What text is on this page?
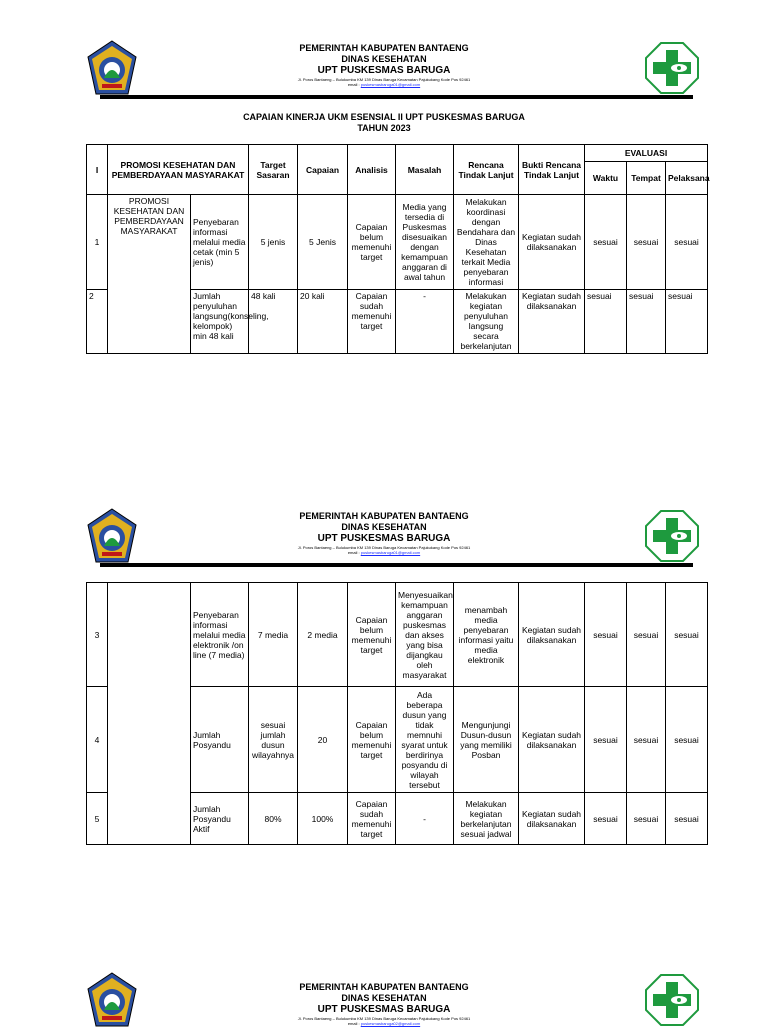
PEMERINTAH KABUPATEN BANTAENG
DINAS KESEHATAN
UPT PUSKESMAS BARUGA
Jl. Poros Bantaeng – Bulukumba KM 139 Dinas Baruga Kecamatan Pajukukang Kode Pos 92461
email : puskesmasbaruga01@gmail.com
CAPAIAN KINERJA UKM ESENSIAL II UPT PUSKESMAS BARUGA
TAHUN 2023
I	PROMOSI KESEHATAN DAN PEMBERDAYAAN MASYARAKAT		Target Sasaran	Capaian	Analisis	Masalah	Rencana Tindak Lanjut	Bukti Rencana Tindak Lanjut	EVALUASI		
									Waktu	Tempat	Pelaksana
1	PROMOSI KESEHATAN DAN PEMBERDAYAAN MASYARAKAT	Penyebaran informasi melalui media cetak (min 5 jenis)	5 jenis	5 Jenis	Capaian belum memenuhi target	Media yang tersedia di Puskesmas disesuaikan dengan kemampuan anggaran di awal tahun	Melakukan koordinasi dengan Bendahara dan Dinas Kesehatan terkait Media penyebaran informasi	Kegiatan sudah dilaksanakan	sesuai	sesuai	sesuai
2		Jumlah penyuluhan langsung(konseling, kelompok) min 48 kali	48 kali	20 kali	Capaian sudah memenuhi target	-	Melakukan kegiatan penyuluhan langsung secara berkelanjutan	Kegiatan sudah dilaksanakan	sesuai	sesuai	sesuai
PEMERINTAH KABUPATEN BANTAENG
DINAS KESEHATAN
UPT PUSKESMAS BARUGA
Jl. Poros Bantaeng – Bulukumba KM 139 Dinas Baruga Kecamatan Pajukukang Kode Pos 92461
email : puskesmasbaruga01@gmail.com
3		Penyebaran informasi melalui media elektronik /on line (7 media)	7 media	2 media	Capaian belum memenuhi target	Menyesuaikan kemampuan anggaran puskesmas dan akses yang bisa dijangkau oleh masyarakat	menambah media penyebaran informasi yaitu media elektronik	Kegiatan sudah dilaksanakan	sesuai	sesuai	sesuai
4		Jumlah Posyandu	sesuai jumlah dusun wilayahnya	20	Capaian belum memenuhi target	Ada beberapa dusun yang tidak memnuhi syarat untuk berdirinya posyandu di wilayah tersebut	Mengunjungi Dusun-dusun yang memiliki Posban	Kegiatan sudah dilaksanakan	sesuai	sesuai	sesuai
5		Jumlah Posyandu Aktif	80%	100%	Capaian sudah memenuhi target	-	Melakukan kegiatan berkelanjutan sesuai jadwal	Kegiatan sudah dilaksanakan	sesuai	sesuai	sesuai
PEMERINTAH KABUPATEN BANTAENG
DINAS KESEHATAN
UPT PUSKESMAS BARUGA
Jl. Poros Bantaeng – Bulukumba KM 139 Dinas Baruga Kecamatan Pajukukang Kode Pos 92461
email : puskesmasbaruga02@gmail.com
